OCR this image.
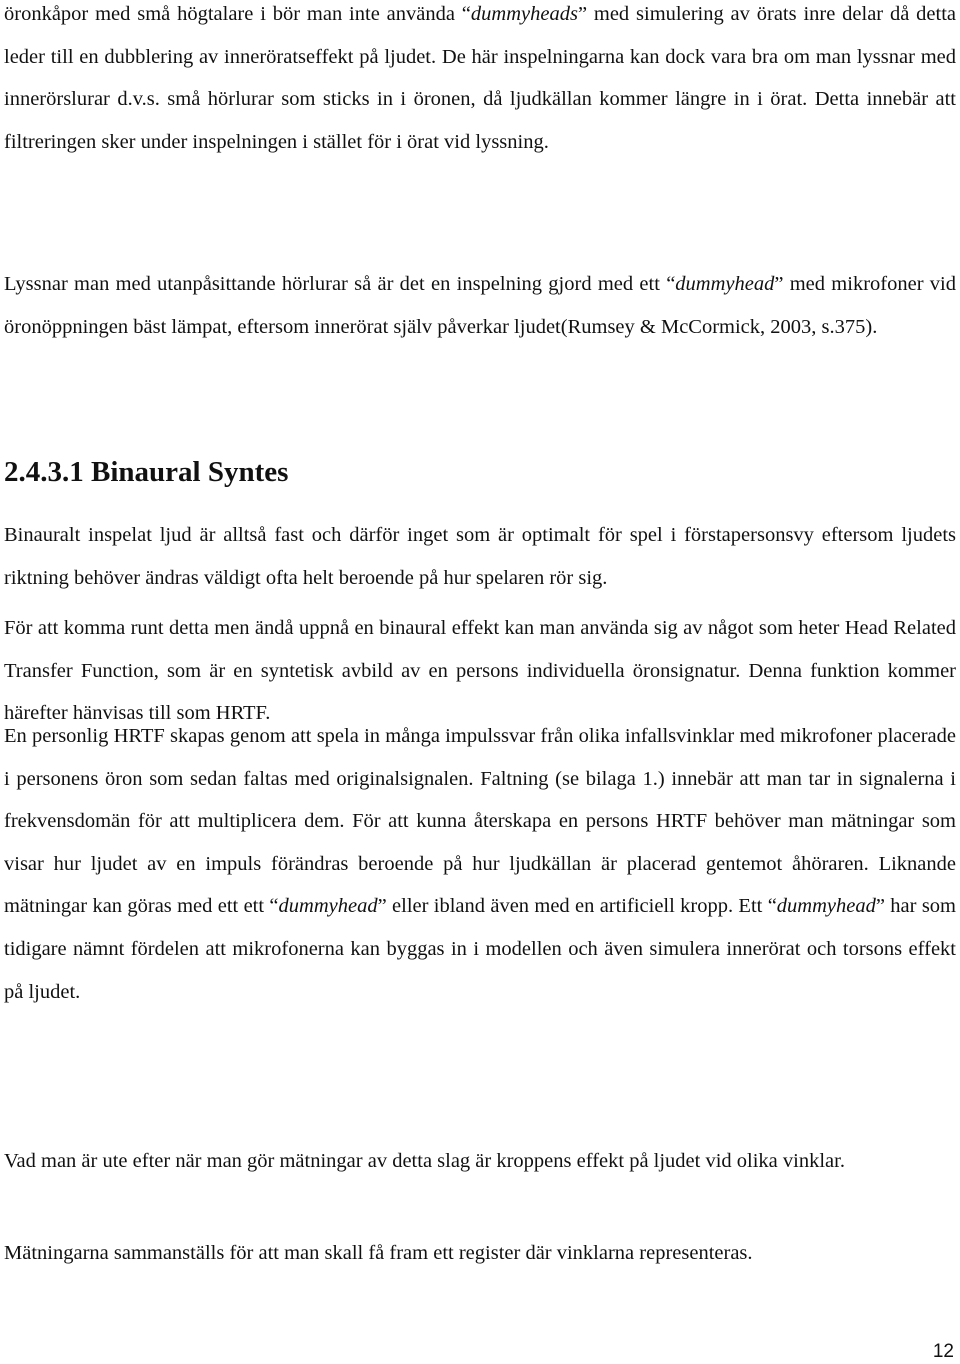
öronkåpor med små högtalare i bör man inte använda “dummyheads” med simulering av örats inre delar då detta leder till en dubblering av inneröratseffekt på ljudet. De här inspelningarna kan dock vara bra om man lyssnar med innerörslurar d.v.s. små hörlurar som sticks in i öronen, då ljudkällan kommer längre in i örat. Detta innebär att filtreringen sker under inspelningen i stället för i örat vid lyssning.

Lyssnar man med utanpåsittande hörlurar så är det en inspelning gjord med ett “dummyhead” med mikrofoner vid öronöppningen bäst lämpat, eftersom innerörat själv påverkar ljudet(Rumsey & McCormick, 2003, s.375).

2.4.3.1 Binaural Syntes

Binauralt inspelat ljud är alltså fast och därför inget som är optimalt för spel i förstapersonsvy eftersom ljudets riktning behöver ändras väldigt ofta helt beroende på hur spelaren rör sig.

För att komma runt detta men ändå uppnå en binaural effekt kan man använda sig av något som heter Head Related Transfer Function, som är en syntetisk avbild av en persons individuella öronsignatur. Denna funktion kommer härefter hänvisas till som HRTF.

En personlig HRTF skapas genom att spela in många impulssvar från olika infallsvinklar med mikrofoner placerade i personens öron som sedan faltas med originalsignalen. Faltning (se bilaga 1.) innebär att man tar in signalerna i frekvensdomän för att multiplicera dem. För att kunna återskapa en persons HRTF behöver man mätningar som visar hur ljudet av en impuls förändras beroende på hur ljudkällan är placerad gentemot åhöraren. Liknande mätningar kan göras med ett ett “dummyhead” eller ibland även med en artificiell kropp. Ett “dummyhead” har som tidigare nämnt fördelen att mikrofonerna kan byggas in i modellen och även simulera innerörat och torsons effekt på ljudet.

Vad man är ute efter när man gör mätningar av detta slag är kroppens effekt på ljudet vid olika vinklar.

Mätningarna sammanställs för att man skall få fram ett register där vinklarna representeras.

12
